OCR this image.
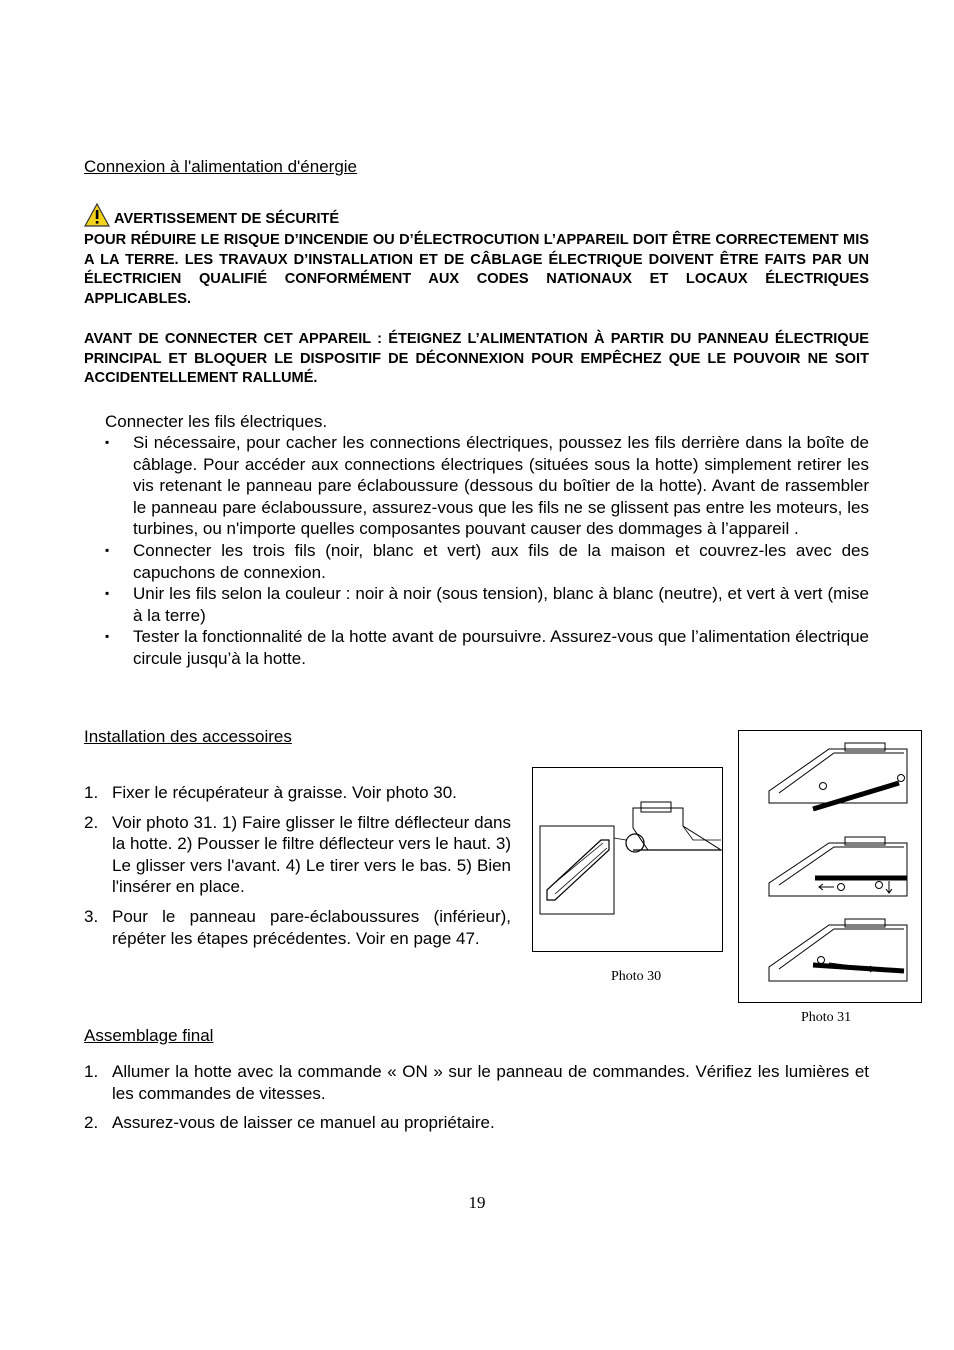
Connexion à l'alimentation d'énergie
AVERTISSEMENT DE SÉCURITÉ
POUR RÉDUIRE LE RISQUE D’INCENDIE OU D’ÉLECTROCUTION L’APPAREIL DOIT ÊTRE CORRECTEMENT MIS A LA TERRE. LES TRAVAUX D’INSTALLATION ET DE CÂBLAGE ÉLECTRIQUE DOIVENT ÊTRE FAITS PAR UN ÉLECTRICIEN QUALIFIÉ CONFORMÉMENT AUX CODES NATIONAUX ET LOCAUX ÉLECTRIQUES APPLICABLES.
AVANT DE CONNECTER CET APPAREIL : ÉTEIGNEZ L’ALIMENTATION À PARTIR DU PANNEAU ÉLECTRIQUE PRINCIPAL ET BLOQUER LE DISPOSITIF DE DÉCONNEXION POUR EMPÊCHEZ QUE LE POUVOIR NE SOIT ACCIDENTELLEMENT RALLUMÉ.
Connecter les fils électriques.
▪ Si nécessaire, pour cacher les connections électriques, poussez les fils derrière dans la boîte de câblage. Pour accéder aux connections électriques (situées sous la hotte) simplement retirer les vis retenant le panneau pare éclaboussure (dessous du boîtier de la hotte). Avant de rassembler le panneau pare éclaboussure, assurez-vous que les fils ne se glissent pas entre les moteurs, les turbines, ou n'importe quelles composantes pouvant causer des dommages à l’appareil .
▪ Connecter les trois fils (noir, blanc et vert) aux fils de la maison et couvrez-les avec des capuchons de connexion.
▪ Unir les fils selon la couleur : noir à noir (sous tension), blanc à blanc (neutre), et vert à vert (mise à la terre)
▪ Tester la fonctionnalité de la hotte avant de poursuivre. Assurez-vous que l’alimentation électrique circule jusqu’à la hotte.
Installation des accessoires
1. Fixer le récupérateur à graisse. Voir photo 30.
2. Voir photo 31. 1) Faire glisser le filtre déflecteur dans la hotte. 2) Pousser le filtre déflecteur vers le haut. 3) Le glisser vers l'avant. 4) Le tirer vers le bas. 5) Bien l'insérer en place.
3. Pour le panneau pare-éclaboussures (inférieur), répéter les étapes précédentes. Voir en page 47.
Photo 30
Photo 31
Assemblage final
1. Allumer la hotte avec la commande « ON » sur le panneau de commandes. Vérifiez les lumières et les commandes de vitesses.
2. Assurez-vous de laisser ce manuel au propriétaire.
19
